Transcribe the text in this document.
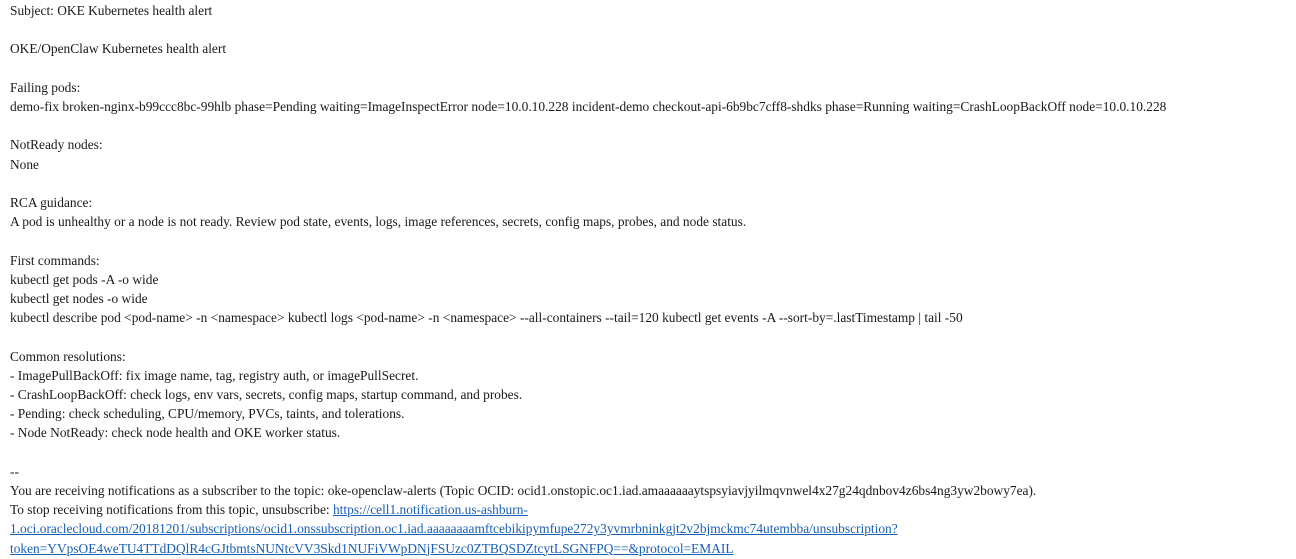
Subject: OKE Kubernetes health alert
OKE/OpenClaw Kubernetes health alert
Failing pods:
demo-fix broken-nginx-b99ccc8bc-99hlb phase=Pending waiting=ImageInspectError node=10.0.10.228 incident-demo checkout-api-6b9bc7cff8-shdks phase=Running waiting=CrashLoopBackOff node=10.0.10.228
NotReady nodes:
None
RCA guidance:
A pod is unhealthy or a node is not ready. Review pod state, events, logs, image references, secrets, config maps, probes, and node status.
First commands:
kubectl get pods -A -o wide
kubectl get nodes -o wide
kubectl describe pod <pod-name> -n <namespace> kubectl logs <pod-name> -n <namespace> --all-containers --tail=120 kubectl get events -A --sort-by=.lastTimestamp | tail -50
Common resolutions:
- ImagePullBackOff: fix image name, tag, registry auth, or imagePullSecret.
- CrashLoopBackOff: check logs, env vars, secrets, config maps, startup command, and probes.
- Pending: check scheduling, CPU/memory, PVCs, taints, and tolerations.
- Node NotReady: check node health and OKE worker status.
--
You are receiving notifications as a subscriber to the topic: oke-openclaw-alerts (Topic OCID: ocid1.onstopic.oc1.iad.amaaaaaaytspsyiavjyilmqvnwel4x27g24qdnbov4z6bs4ng3yw2bowy7ea).
To stop receiving notifications from this topic, unsubscribe: https://cell1.notification.us-ashburn-
1.oci.oraclecloud.com/20181201/subscriptions/ocid1.onssubscription.oc1.iad.aaaaaaaamftcebikipymfupe272y3yvmrbninkgjt2v2bjmckmc74utembba/unsubscription?
token=YVpsOE4weTU4TTdDQlR4cGJtbmtsNUNtcVV3Skd1NUFiVWpDNjFSUzc0ZTBQSDZtcytLSGNFPQ==&protocol=EMAIL
